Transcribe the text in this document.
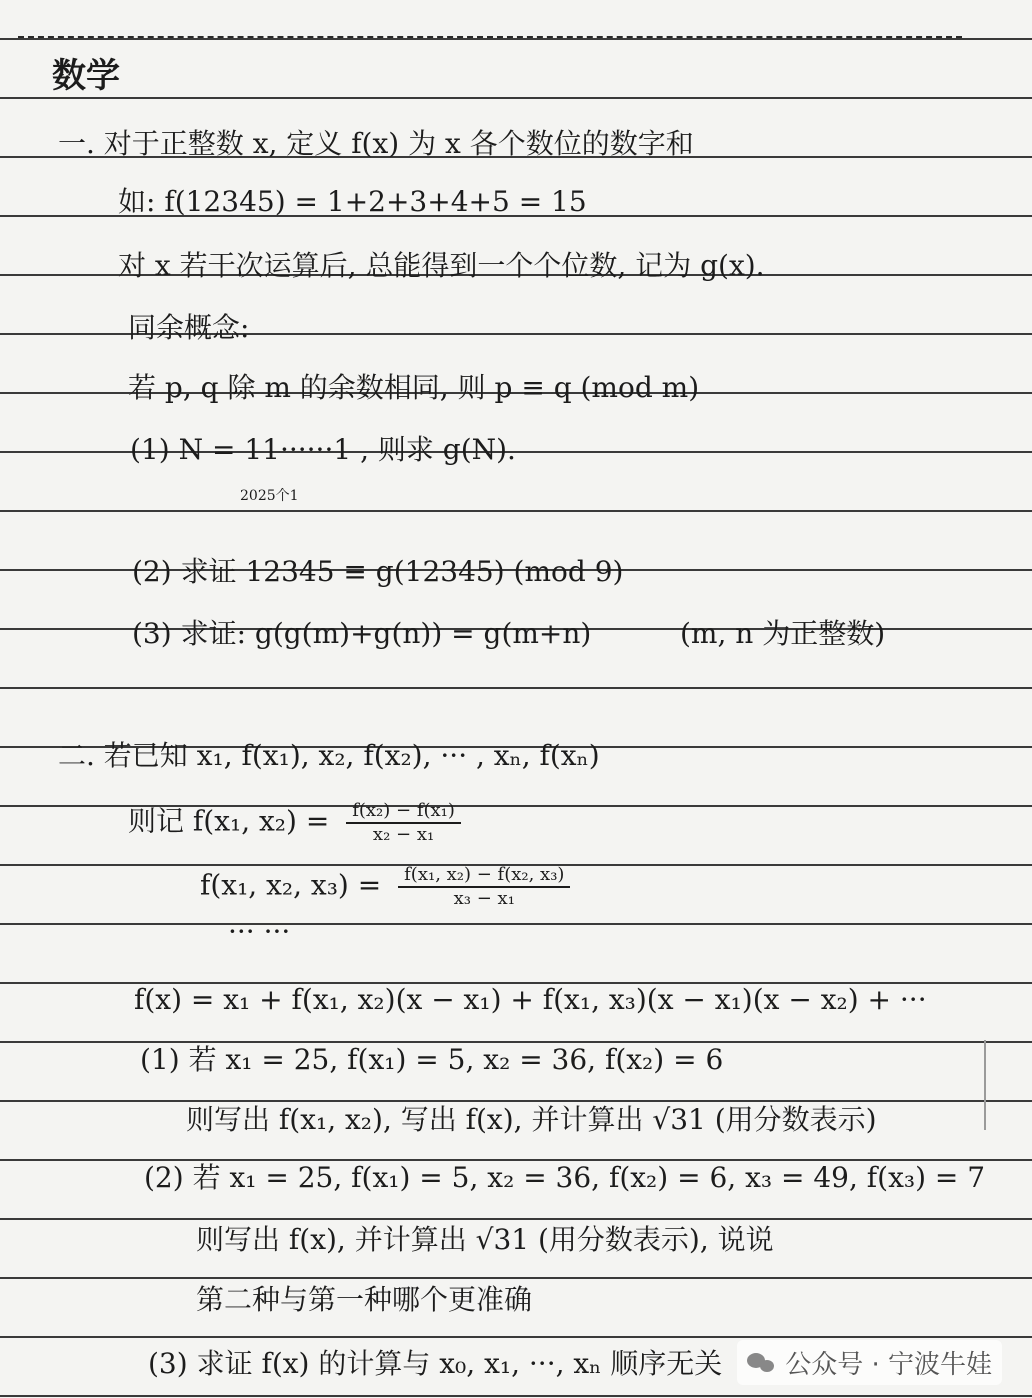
数学
一. 对于正整数 x, 定义 f(x) 为 x 各个数位的数字和
如: f(12345) = 1+2+3+4+5 = 15
对 x 若干次运算后, 总能得到一个个位数, 记为 g(x).
同余概念:
若 p, q 除 m 的余数相同, 则 p ≡ q (mod m)
(1) N = 11······1 , 则求 g(N).
2025个1
(2) 求证 12345 ≡ g(12345) (mod 9)
(3) 求证: g(g(m)+g(n)) = g(m+n)	(m, n 为正整数)
二. 若已知 x₁, f(x₁), x₂, f(x₂), ··· , xₙ, f(xₙ)
则记 f(x₁, $x_2) = \frac{\text{f(x₂) − f(x₁)}}{\text{x₂ − x₁}}$
f(x₁, x₂, $x_3) = \frac{\text{f(x₁, x₂) − f(x₂, x₃)}}{\text{x₃ − x₁}}$
··· ···
f(x) = x₁ + f(x₁, x₂)(x − x₁) + f(x₁, x₃)(x − x₁)(x − x₂) + ···
(1) 若 x₁ = 25, f(x₁) = 5, x₂ = 36, f(x₂) = 6
则写出 f(x₁, x₂), 写出 f(x), 并计算出 √31 (用分数表示)
(2) 若 x₁ = 25, f(x₁) = 5, x₂ = 36, f(x₂) = 6, x₃ = 49, f(x₃) = 7
则写出 f(x), 并计算出 √31 (用分数表示), 说说
第二种与第一种哪个更准确
(3) 求证 f(x) 的计算与 x₀, x₁, ···, xₙ 顺序无关 公众号 · 宁波牛娃
